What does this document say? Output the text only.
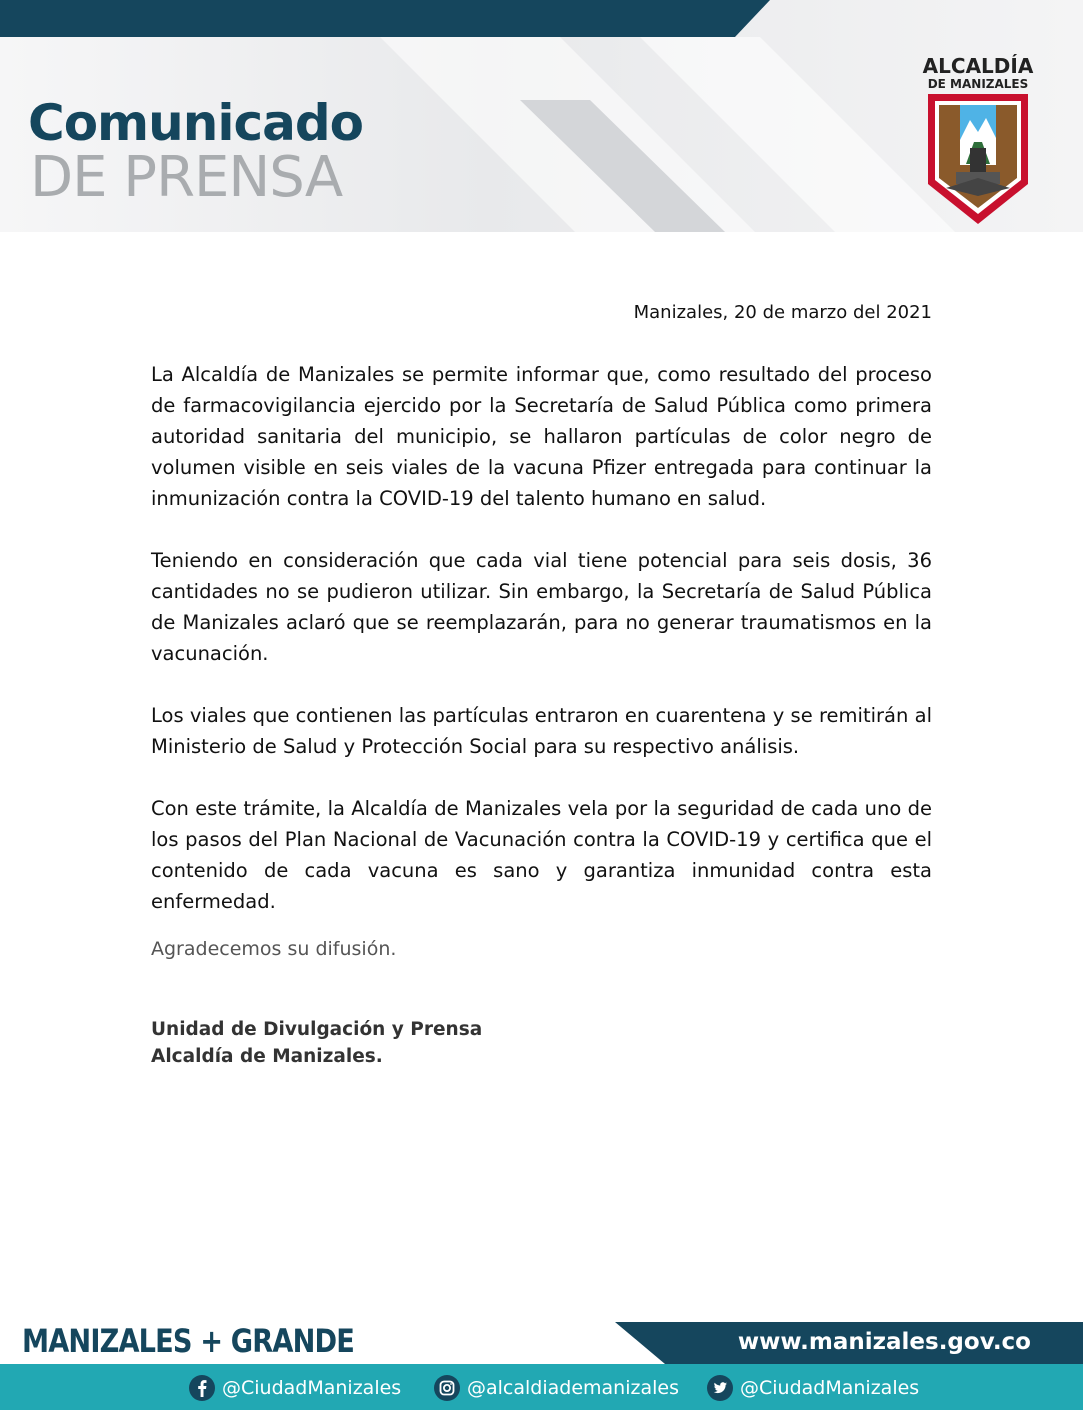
Comunicado
DE PRENSA
ALCALDÍA
DE MANIZALES
Manizales, 20 de marzo del 2021

La Alcaldía de Manizales se permite informar que, como resultado del proceso de farmacovigilancia ejercido por la Secretaría de Salud Pública como primera autoridad sanitaria del municipio, se hallaron partículas de color negro de volumen visible en seis viales de la vacuna Pfizer entregada para continuar la inmunización contra la COVID-19 del talento humano en salud.

Teniendo en consideración que cada vial tiene potencial para seis dosis, 36 cantidades no se pudieron utilizar. Sin embargo, la Secretaría de Salud Pública de Manizales aclaró que se reemplazarán, para no generar traumatismos en la vacunación.

Los viales que contienen las partículas entraron en cuarentena y se remitirán al Ministerio de Salud y Protección Social para su respectivo análisis.

Con este trámite, la Alcaldía de Manizales vela por la seguridad de cada uno de los pasos del Plan Nacional de Vacunación contra la COVID-19 y certifica que el contenido de cada vacuna es sano y garantiza inmunidad contra esta enfermedad.

Agradecemos su difusión.
Unidad de Divulgación y Prensa
Alcaldía de Manizales.
MANIZALES + GRANDE	www.manizales.gov.co
@CiudadManizales	@alcaldiademanizales	@CiudadManizales
